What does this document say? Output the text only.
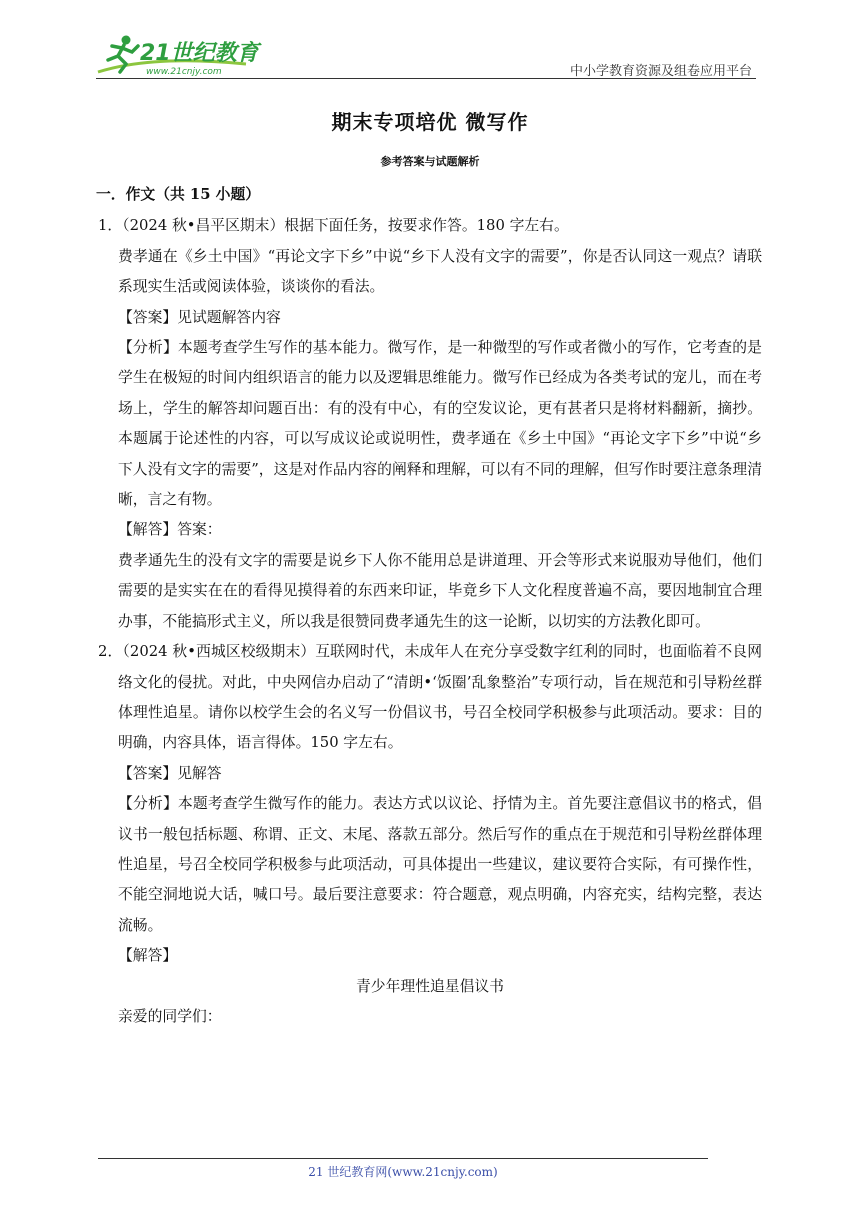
21世纪教育
www.21cnjy.com	中小学教育资源及组卷应用平台
期末专项培优 微写作
参考答案与试题解析

一．作文（共 15 小题）

1．（2024 秋•昌平区期末）根据下面任务，按要求作答。180 字左右。

费孝通在《乡土中国》“再论文字下乡”中说“乡下人没有文字的需要”，你是否认同这一观点？请联系现实生活或阅读体验，谈谈你的看法。

【答案】见试题解答内容

【分析】本题考查学生写作的基本能力。微写作，是一种微型的写作或者微小的写作，它考查的是学生在极短的时间内组织语言的能力以及逻辑思维能力。微写作已经成为各类考试的宠儿，而在考场上，学生的解答却问题百出：有的没有中心，有的空发议论，更有甚者只是将材料翻新，摘抄。本题属于论述性的内容，可以写成议论或说明性，费孝通在《乡土中国》“再论文字下乡”中说“乡下人没有文字的需要”，这是对作品内容的阐释和理解，可以有不同的理解，但写作时要注意条理清晰，言之有物。

【解答】答案：

费孝通先生的没有文字的需要是说乡下人你不能用总是讲道理、开会等形式来说服劝导他们，他们需要的是实实在在的看得见摸得着的东西来印证，毕竟乡下人文化程度普遍不高，要因地制宜合理办事，不能搞形式主义，所以我是很赞同费孝通先生的这一论断，以切实的方法教化即可。

2．（2024 秋•西城区校级期末）互联网时代，未成年人在充分享受数字红利的同时，也面临着不良网络文化的侵扰。对此，中央网信办启动了“清朗•‘饭圈’乱象整治”专项行动，旨在规范和引导粉丝群体理性追星。请你以校学生会的名义写一份倡议书，号召全校同学积极参与此项活动。要求：目的明确，内容具体，语言得体。150 字左右。

【答案】见解答

【分析】本题考查学生微写作的能力。表达方式以议论、抒情为主。首先要注意倡议书的格式，倡议书一般包括标题、称谓、正文、末尾、落款五部分。然后写作的重点在于规范和引导粉丝群体理性追星，号召全校同学积极参与此项活动，可具体提出一些建议，建议要符合实际，有可操作性，不能空洞地说大话，喊口号。最后要注意要求：符合题意，观点明确，内容充实，结构完整，表达流畅。

【解答】

青少年理性追星倡议书

亲爱的同学们：

21 世纪教育网(www.21cnjy.com)
